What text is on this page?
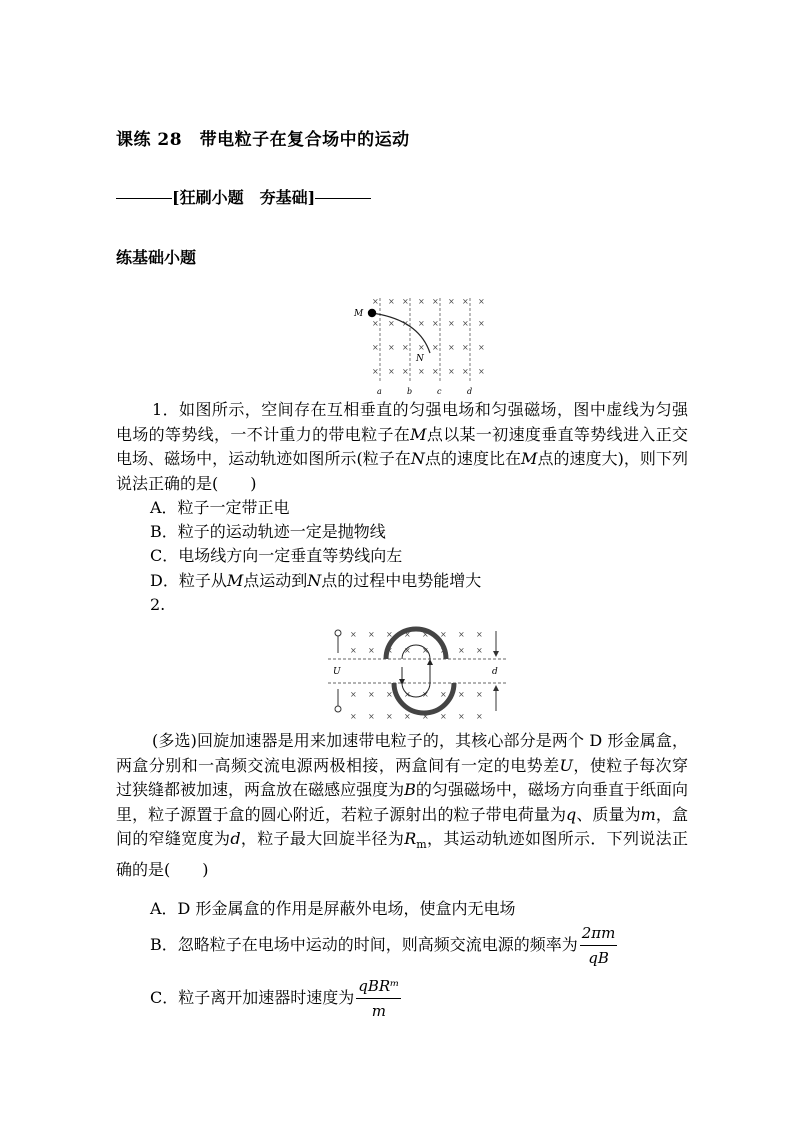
课练 28　带电粒子在复合场中的运动
[狂刷小题　夯基础]
练基础小题
× × × × × × × ×
× × × × × × × ×
× × × × × × × ×
× × × × × × × ×
M
N
a	b	c	d
1．如图所示，空间存在互相垂直的匀强电场和匀强磁场，图中虚线为匀强电场的等势线，一不计重力的带电粒子在M点以某一初速度垂直等势线进入正交电场、磁场中，运动轨迹如图所示(粒子在N点的速度比在M点的速度大)，则下列说法正确的是(　　)
A．粒子一定带正电
B．粒子的运动轨迹一定是抛物线
C．电场线方向一定垂直等势线向左
D．粒子从M点运动到N点的过程中电势能增大
2.
× × × × × × × ×
× × × × × × × ×
× × × × × × × ×
× × × × × × × ×
U	d
(多选)回旋加速器是用来加速带电粒子的，其核心部分是两个 D 形金属盒，两盒分别和一高频交流电源两极相接，两盒间有一定的电势差U，使粒子每次穿过狭缝都被加速，两盒放在磁感应强度为B的匀强磁场中，磁场方向垂直于纸面向里，粒子源置于盒的圆心附近，若粒子源射出的粒子带电荷量为q、质量为m，盒间的窄缝宽度为d，粒子最大回旋半径为$R_m$，其运动轨迹如图所示．下列说法正确的是(　　)
A．D 形金属盒的作用是屏蔽外电场，使盒内无电场
B．忽略粒子在电场中运动的时间，则高频交流电源的频率为 $\frac{2\pi m}{qB}$
C．粒子离开加速器时速度为 $\frac{\text{qBRᵐ}}{m}$
